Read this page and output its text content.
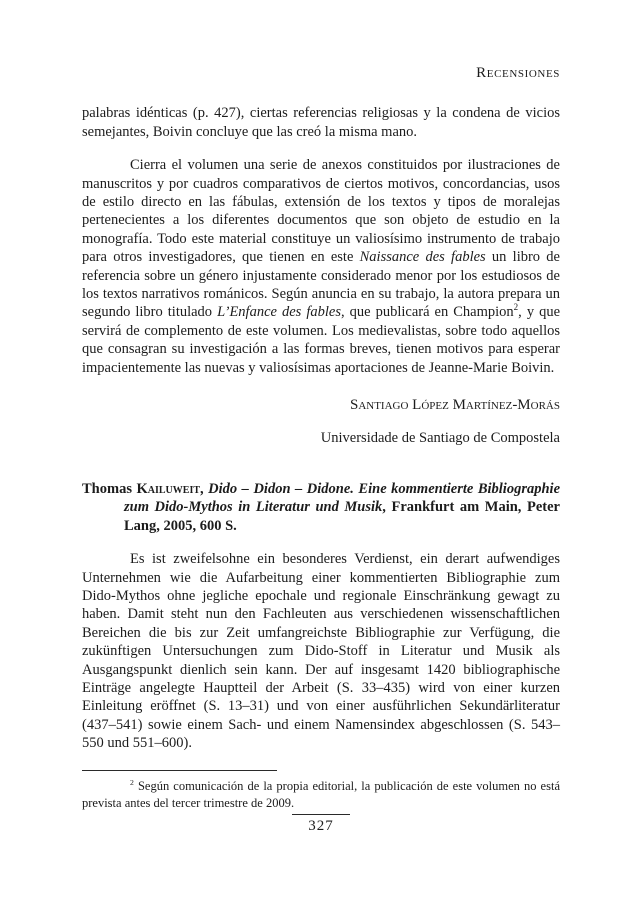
Recensiones

palabras idénticas (p. 427), ciertas referencias religiosas y la condena de vicios semejantes, Boivin concluye que las creó la misma mano.

Cierra el volumen una serie de anexos constituidos por ilustraciones de manuscritos y por cuadros comparativos de ciertos motivos, concordancias, usos de estilo directo en las fábulas, extensión de los textos y tipos de moralejas pertenecientes a los diferentes documentos que son objeto de estudio en la monografía. Todo este material constituye un valiosísimo instrumento de trabajo para otros investigadores, que tienen en este Naissance des fables un libro de referencia sobre un género injustamente considerado menor por los estudiosos de los textos narrativos románicos. Según anuncia en su trabajo, la autora prepara un segundo libro titulado L’Enfance des fables, que publicará en Champion$^2$, y que servirá de complemento de este volumen. Los medievalistas, sobre todo aquellos que consagran su investigación a las formas breves, tienen motivos para esperar impacientemente las nuevas y valiosísimas aportaciones de Jeanne-Marie Boivin.

Santiago López Martínez-Morás

Universidade de Santiago de Compostela

Thomas Kailuweit, Dido – Didon – Didone. Eine kommentierte Bibliographie zum Dido-Mythos in Literatur und Musik, Frankfurt am Main, Peter Lang, 2005, 600 S.

Es ist zweifelsohne ein besonderes Verdienst, ein derart aufwendiges Unternehmen wie die Aufarbeitung einer kommentierten Bibliographie zum Dido-Mythos ohne jegliche epochale und regionale Einschränkung gewagt zu haben. Damit steht nun den Fachleuten aus verschiedenen wissenschaftlichen Bereichen die bis zur Zeit umfangreichste Bibliographie zur Verfügung, die zukünftigen Untersuchungen zum Dido-Stoff in Literatur und Musik als Ausgangspunkt dienlich sein kann. Der auf insgesamt 1420 bibliographische Einträge angelegte Hauptteil der Arbeit (S. 33–435) wird von einer kurzen Einleitung eröffnet (S. 13–31) und von einer ausführlichen Sekundärliteratur (437–541) sowie einem Sach- und einem Namensindex abgeschlossen (S. 543–550 und 551–600).

$^2$ Según comunicación de la propia editorial, la publicación de este volumen no está prevista antes del tercer trimestre de 2009.

327
